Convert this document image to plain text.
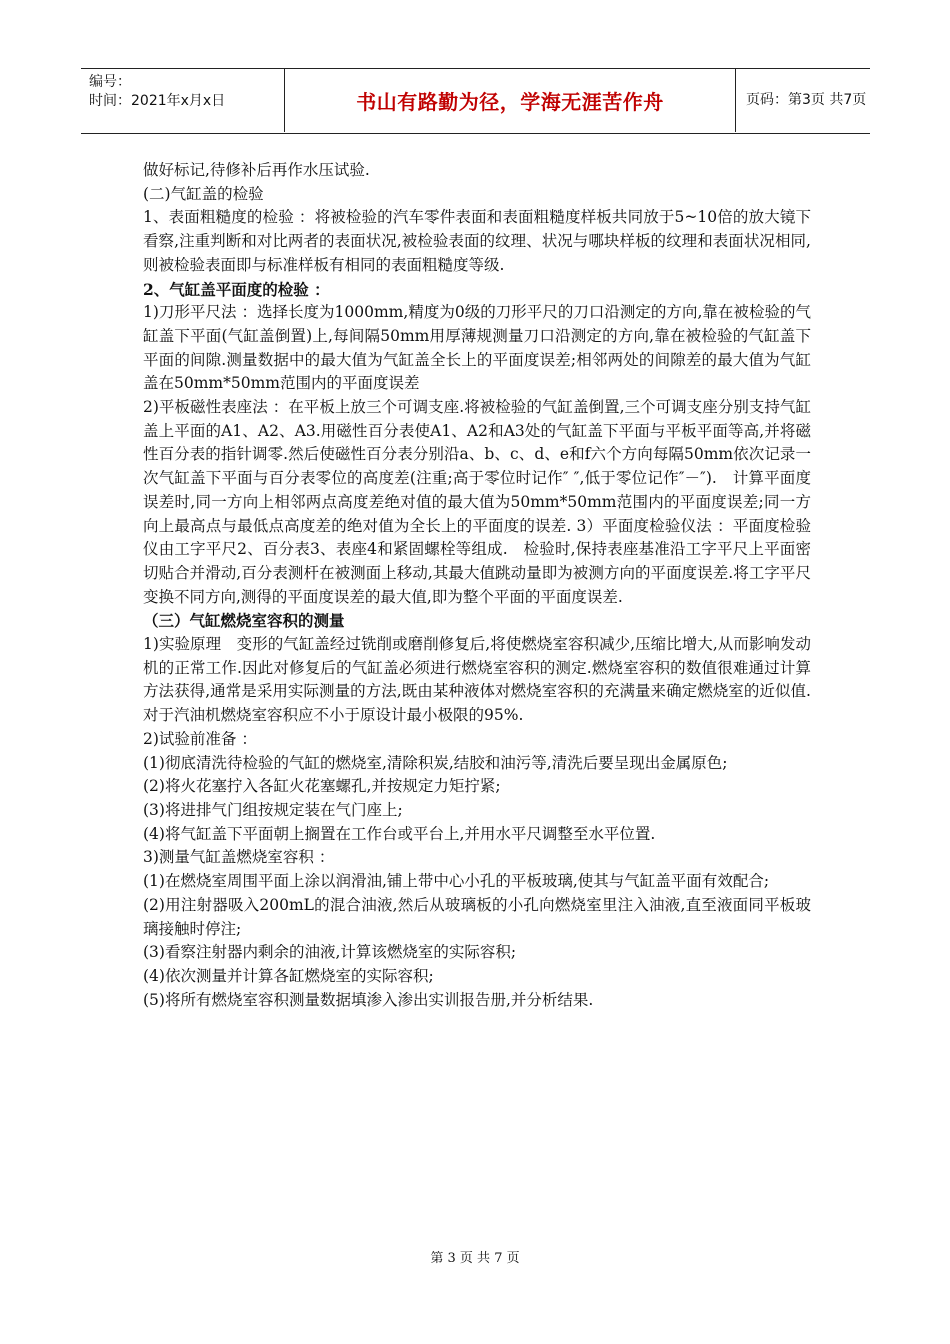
编号：
时间：2021年x月x日	书山有路勤为径，学海无涯苦作舟	页码：第3页 共7页

做好标记,待修补后再作水压试验.

(二)气缸盖的检验

1、表面粗糙度的检验 ：将被检验的汽车零件表面和表面粗糙度样板共同放于5~10倍的放大镜下看察,注重判断和对比两者的表面状况,被检验表面的纹理、状况与哪块样板的纹理和表面状况相同,则被检验表面即与标准样板有相同的表面粗糙度等级.

2、气缸盖平面度的检验 ：

1)刀形平尺法 ：选择长度为1000mm,精度为0级的刀形平尺的刀口沿测定的方向,靠在被检验的气缸盖下平面(气缸盖倒置)上,每间隔50mm用厚薄规测量刀口沿测定的方向,靠在被检验的气缸盖下平面的间隙.测量数据中的最大值为气缸盖全长上的平面度误差;相邻两处的间隙差的最大值为气缸盖在50mm*50mm范围内的平面度误差

2)平板磁性表座法 ：在平板上放三个可调支座.将被检验的气缸盖倒置,三个可调支座分别支持气缸盖上平面的A1、A2、A3.用磁性百分表使A1、A2和A3处的气缸盖下平面与平板平面等高,并将磁性百分表的指针调零.然后使磁性百分表分别沿a、b、c、d、e和f六个方向每隔50mm依次记录一次气缸盖下平面与百分表零位的高度差(注重;高于零位时记作″ ″,低于零位记作″－″).　计算平面度误差时,同一方向上相邻两点高度差绝对值的最大值为50mm*50mm范围内的平面度误差;同一方向上最高点与最低点高度差的绝对值为全长上的平面度的误差. 3）平面度检验仪法 ：平面度检验仪由工字平尺2、百分表3、表座4和紧固螺栓等组成.　检验时,保持表座基准沿工字平尺上平面密切贴合并滑动,百分表测杆在被测面上移动,其最大值跳动量即为被测方向的平面度误差.将工字平尺变换不同方向,测得的平面度误差的最大值,即为整个平面的平面度误差.

（三）气缸燃烧室容积的测量

1)实验原理　变形的气缸盖经过铣削或磨削修复后,将使燃烧室容积减少,压缩比增大,从而影响发动机的正常工作.因此对修复后的气缸盖必须进行燃烧室容积的测定.燃烧室容积的数值很难通过计算方法获得,通常是采用实际测量的方法,既由某种液体对燃烧室容积的充满量来确定燃烧室的近似值.　对于汽油机燃烧室容积应不小于原设计最小极限的95%.

2)试验前准备 ：

(1)彻底清洗待检验的气缸的燃烧室,清除积炭,结胶和油污等,清洗后要呈现出金属原色;

(2)将火花塞拧入各缸火花塞螺孔,并按规定力矩拧紧;

(3)将进排气门组按规定装在气门座上;

(4)将气缸盖下平面朝上搁置在工作台或平台上,并用水平尺调整至水平位置.

3)测量气缸盖燃烧室容积 ：

(1)在燃烧室周围平面上涂以润滑油,铺上带中心小孔的平板玻璃,使其与气缸盖平面有效配合;

(2)用注射器吸入200mL的混合油液,然后从玻璃板的小孔向燃烧室里注入油液,直至液面同平板玻璃接触时停注;

(3)看察注射器内剩余的油液,计算该燃烧室的实际容积;

(4)依次测量并计算各缸燃烧室的实际容积;

(5)将所有燃烧室容积测量数据填渗入渗出实训报告册,并分析结果.

第 3 页 共 7 页
